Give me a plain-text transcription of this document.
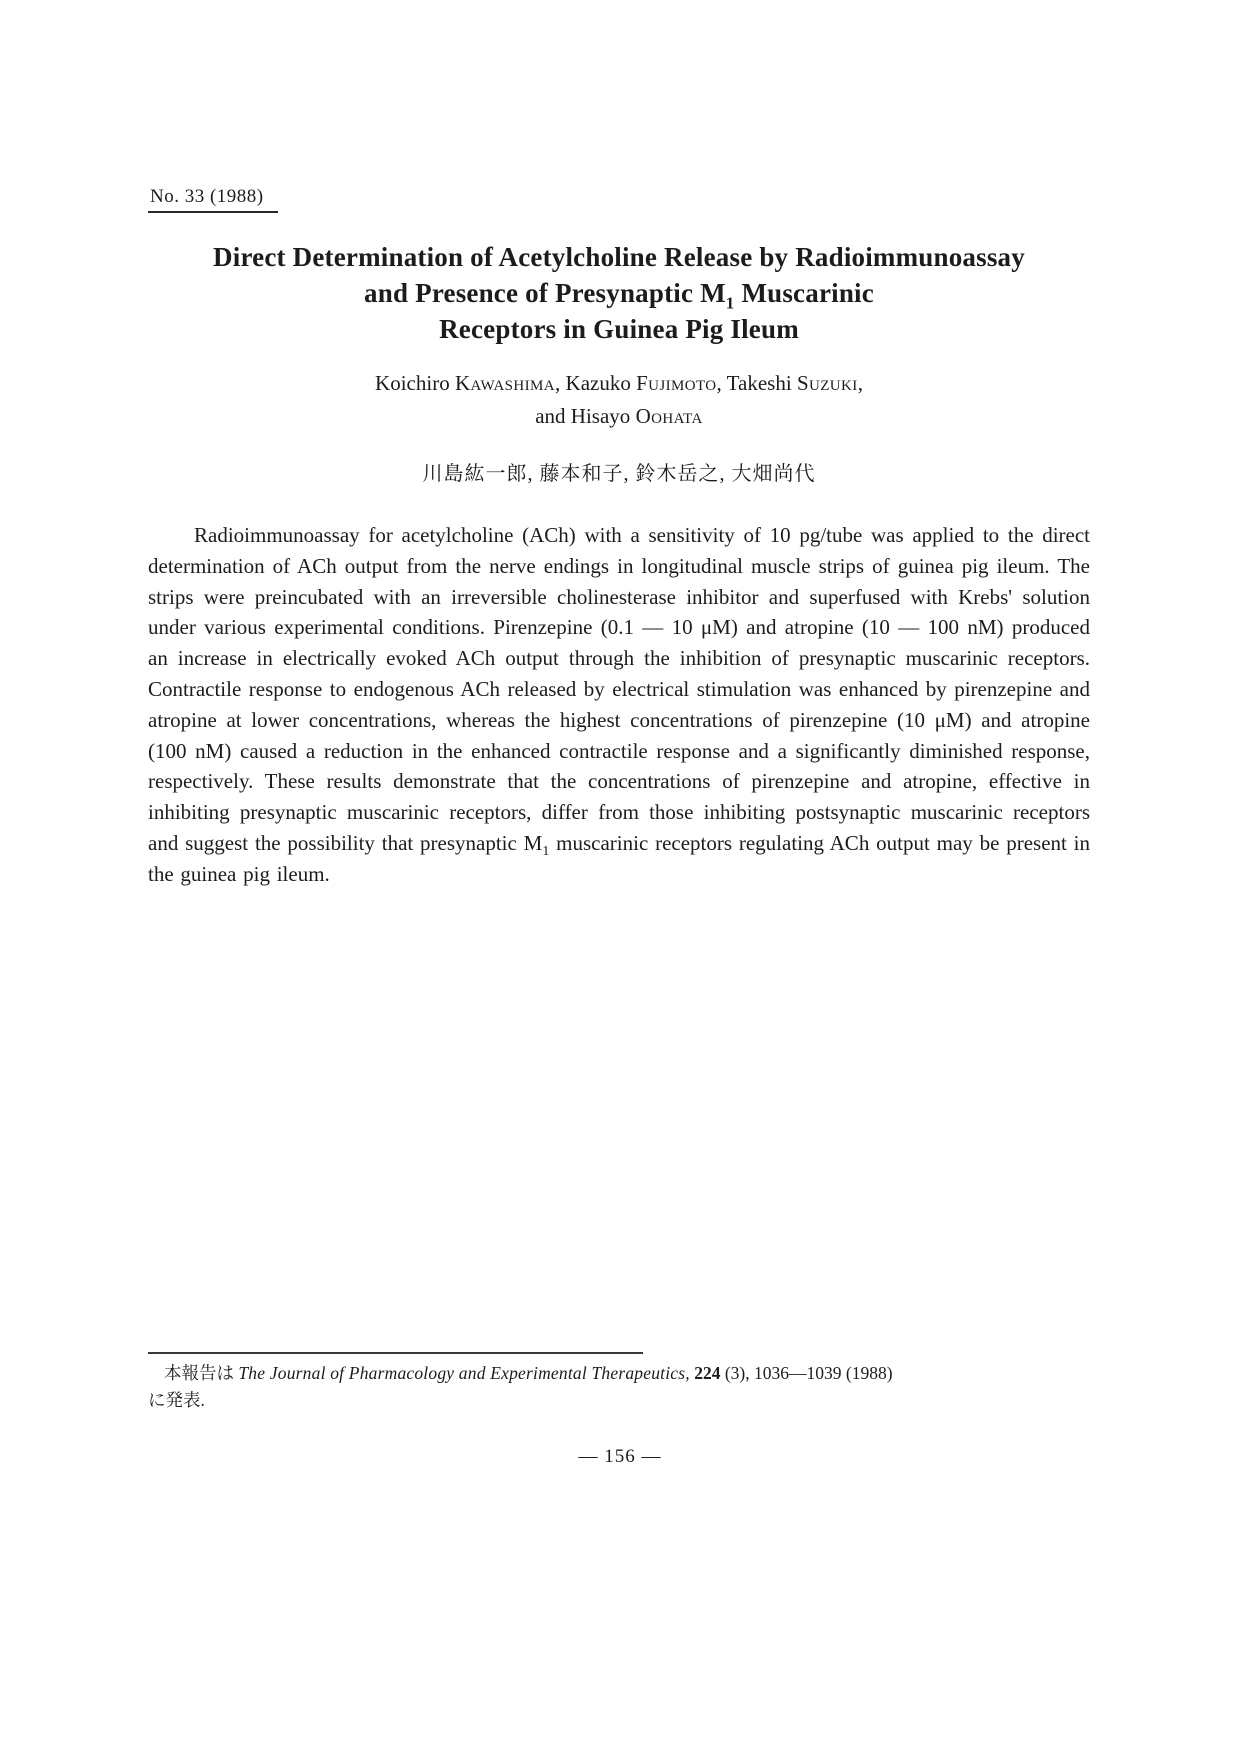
No. 33 (1988)
Direct Determination of Acetylcholine Release by Radioimmunoassay
and Presence of Presynaptic $M_1$ Muscarinic
Receptors in Guinea Pig Ileum
Koichiro Kawashima, Kazuko Fujimoto, Takeshi Suzuki,
and Hisayo Oohata
川島紘一郎, 藤本和子, 鈴木岳之, 大畑尚代

Radioimmunoassay for acetylcholine (ACh) with a sensitivity of 10 pg/tube was applied to the direct determination of ACh output from the nerve endings in longitudinal muscle strips of guinea pig ileum. The strips were preincubated with an irreversible cholinesterase inhibitor and superfused with Krebs' solution under various experimental conditions. Pirenzepine (0.1 — 10 μM) and atropine (10 — 100 nM) produced an increase in electrically evoked ACh output through the inhibition of presynaptic muscarinic receptors. Contractile response to endogenous ACh released by electrical stimulation was enhanced by pirenzepine and atropine at lower concentrations, whereas the highest concentrations of pirenzepine (10 μM) and atropine (100 nM) caused a reduction in the enhanced contractile response and a significantly diminished response, respectively. These results demonstrate that the concentrations of pirenzepine and atropine, effective in inhibiting presynaptic muscarinic receptors, differ from those inhibiting postsynaptic muscarinic receptors and suggest the possibility that presynaptic $M_1$ muscarinic receptors regulating ACh output may be present in the guinea pig ileum.

本報告は The Journal of Pharmacology and Experimental Therapeutics, 224 (3), 1036—1039 (1988)
に発表.

— 156 —
